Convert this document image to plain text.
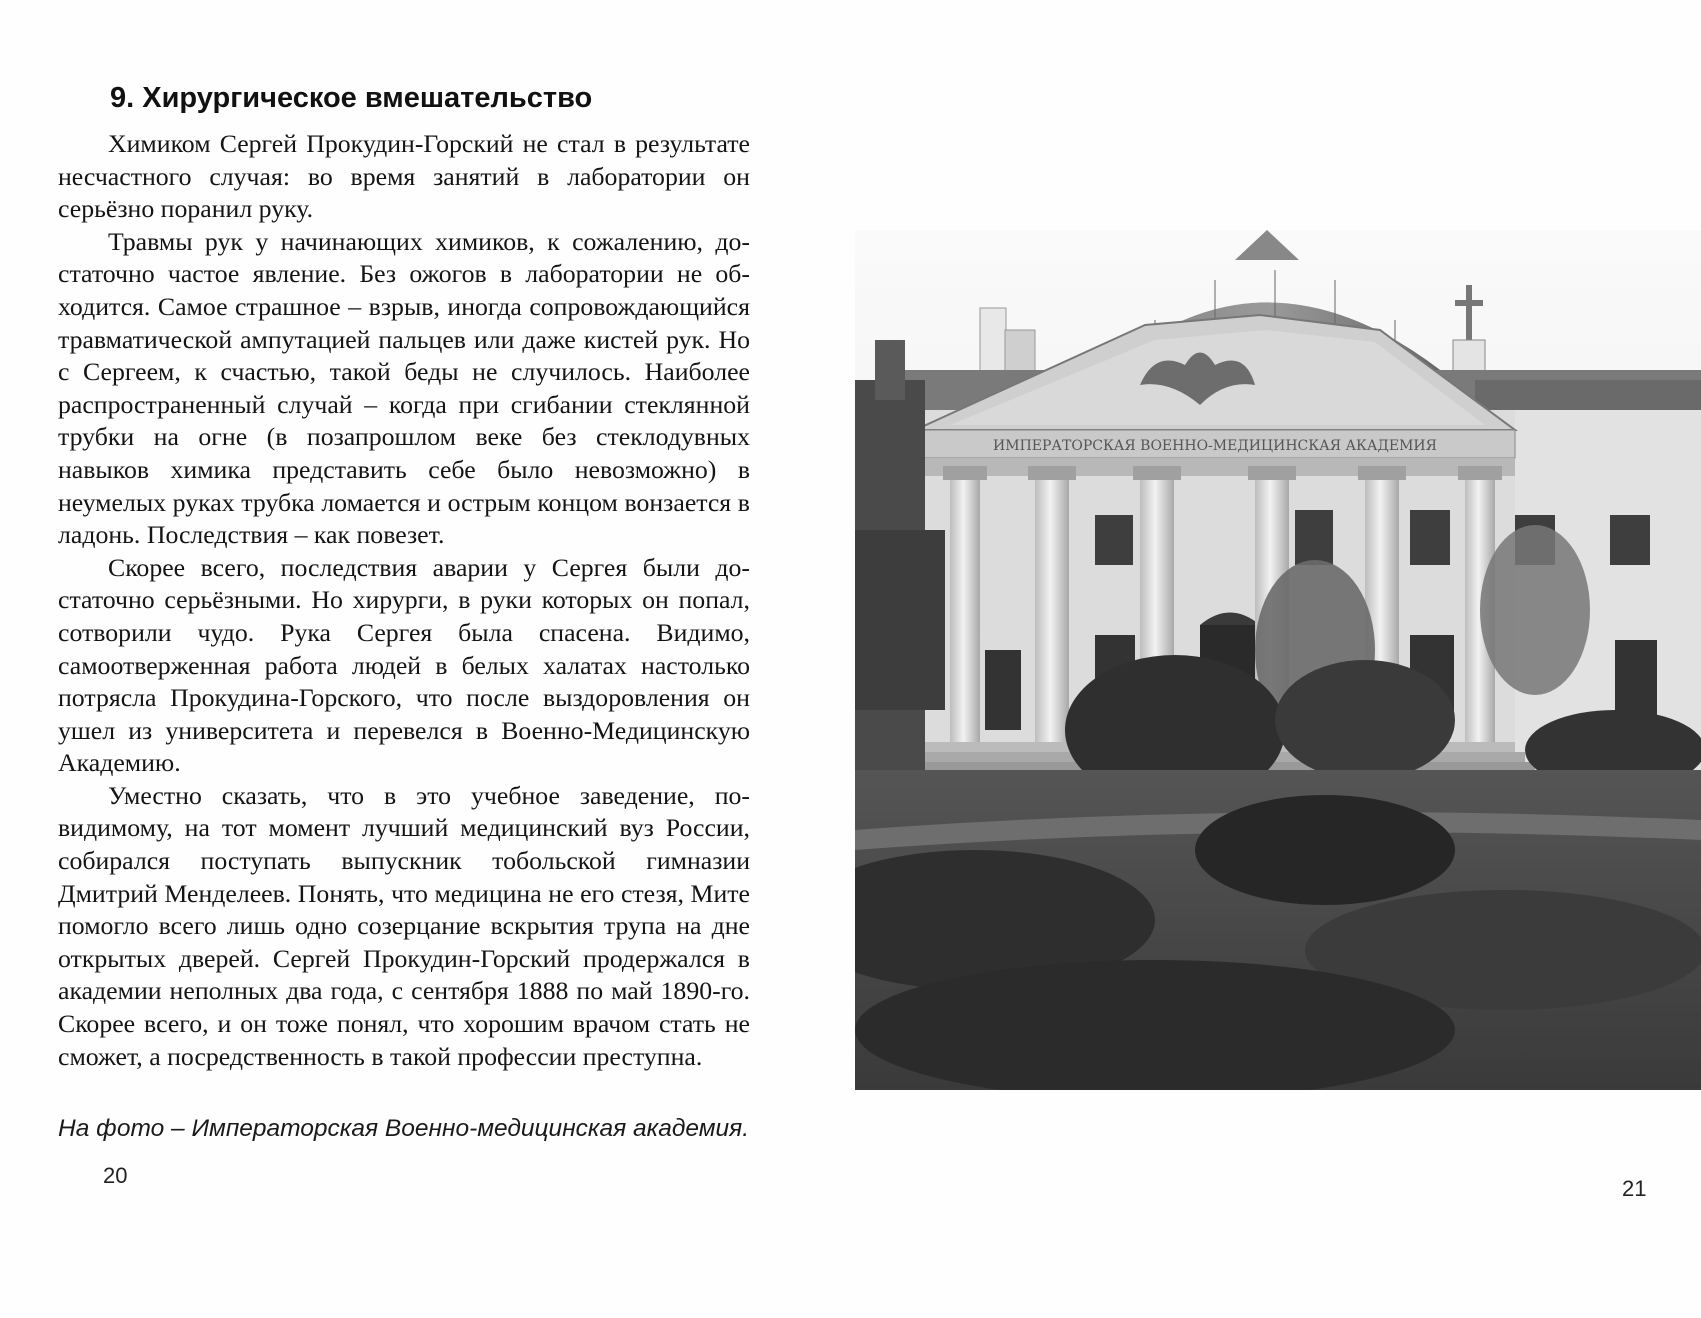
9. Хирургическое вмешательство

Химиком Сергей Прокудин-Горский не стал в результате несчастного случая: во время занятий в лаборатории он серьёзно поранил руку.

Травмы рук у начинающих химиков, к сожалению, достаточно частое явление. Без ожогов в лаборатории не обходится. Самое страшное – взрыв, иногда сопровождающийся травматической ампутацией пальцев или даже кистей рук. Но с Сергеем, к счастью, такой беды не случилось. Наиболее распространенный случай – когда при сгибании стеклянной трубки на огне (в позапрошлом веке без стеклодувных навыков химика представить себе было невозможно) в неумелых руках трубка ломается и острым концом вонзается в ладонь. Последствия – как повезет.

Скорее всего, последствия аварии у Сергея были достаточно серьёзными. Но хирурги, в руки которых он попал, сотворили чудо. Рука Сергея была спасена. Видимо, самоотверженная работа людей в белых халатах настолько потрясла Прокудина-Горского, что после выздоровления он ушел из университета и перевелся в Военно-Медицинскую Академию.

Уместно сказать, что в это учебное заведение, повидимому, на тот момент лучший медицинский вуз России, собирался поступать выпускник тобольской гимназии Дмитрий Менделеев. Понять, что медицина не его стезя, Мите помогло всего лишь одно созерцание вскрытия трупа на дне открытых дверей. Сергей Прокудин-Горский продержался в академии неполных два года, с сентября 1888 по май 1890-го. Скорее всего, и он тоже понял, что хорошим врачом стать не сможет, а посредственность в такой профессии преступна.

На фото – Императорская Военно-медицинская академия.

20
ИМПЕРАТОРСКАЯ ВОЕННО-МЕДИЦИНСКАЯ АКАДЕМИЯ
21
